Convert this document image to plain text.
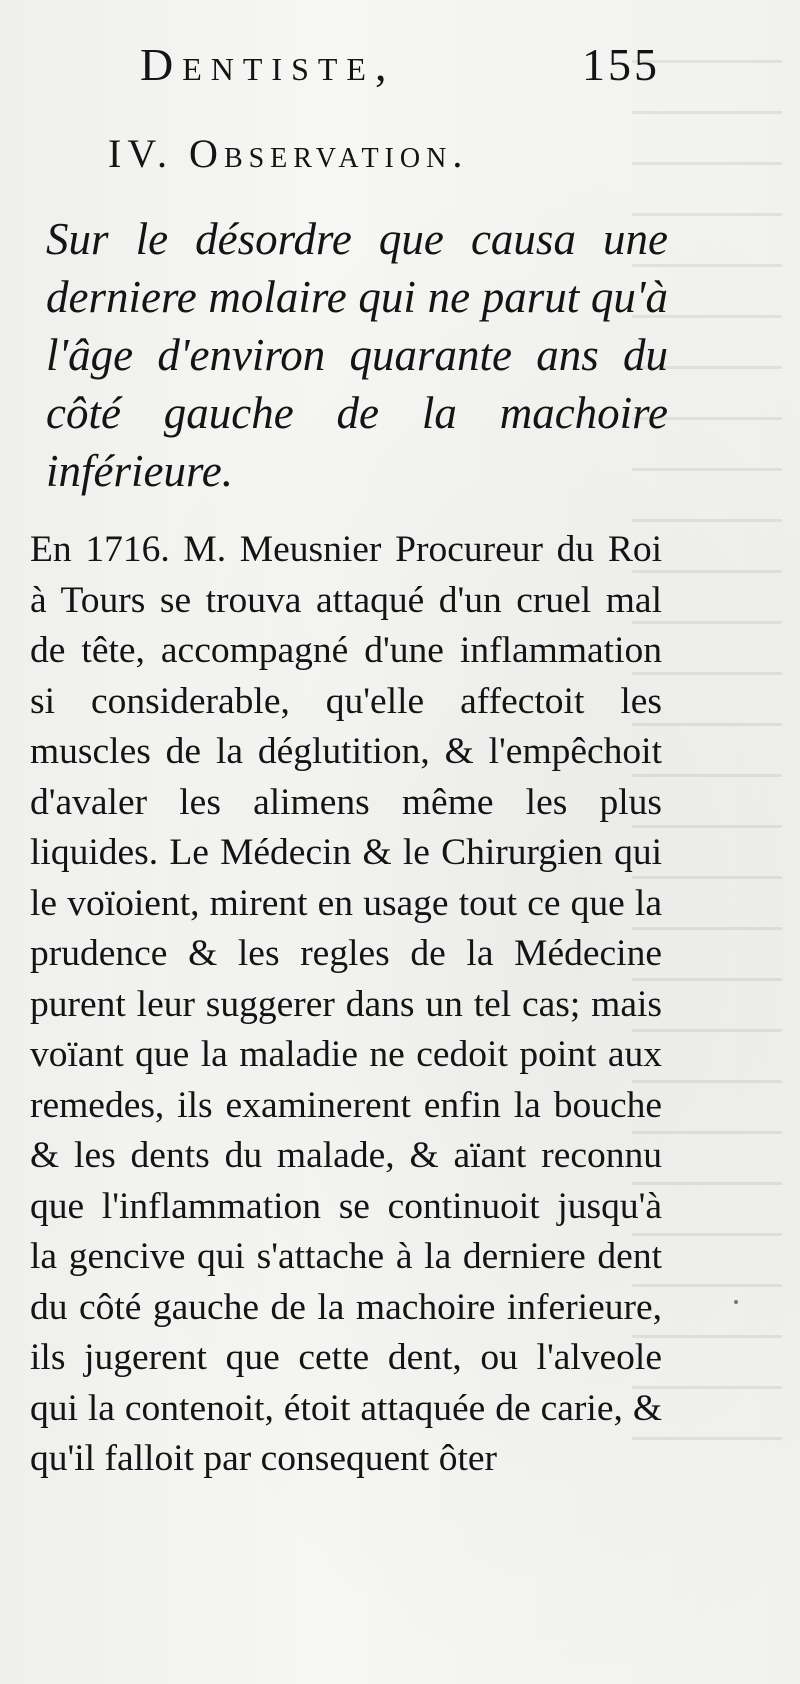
Dentiste,	155
IV. Observation.
Sur le désordre que causa une derniere molaire qui ne parut qu'à l'âge d'environ quarante ans du côté gauche de la machoire inférieure.
En 1716. M. Meusnier Procureur du Roi à Tours se trouva attaqué d'un cruel mal de tête, accompagné d'une inflammation si considerable, qu'elle affectoit les muscles de la déglutition, & l'empêchoit d'avaler les alimens même les plus liquides. Le Médecin & le Chirurgien qui le voïoient, mirent en usage tout ce que la prudence & les regles de la Médecine purent leur suggerer dans un tel cas; mais voïant que la maladie ne cedoit point aux remedes, ils examinerent enfin la bouche & les dents du malade, & aïant reconnu que l'inflammation se continuoit jusqu'à la gencive qui s'attache à la derniere dent du côté gauche de la machoire inferieure, ils jugerent que cette dent, ou l'alveole qui la contenoit, étoit attaquée de carie, & qu'il falloit par consequent ôter
